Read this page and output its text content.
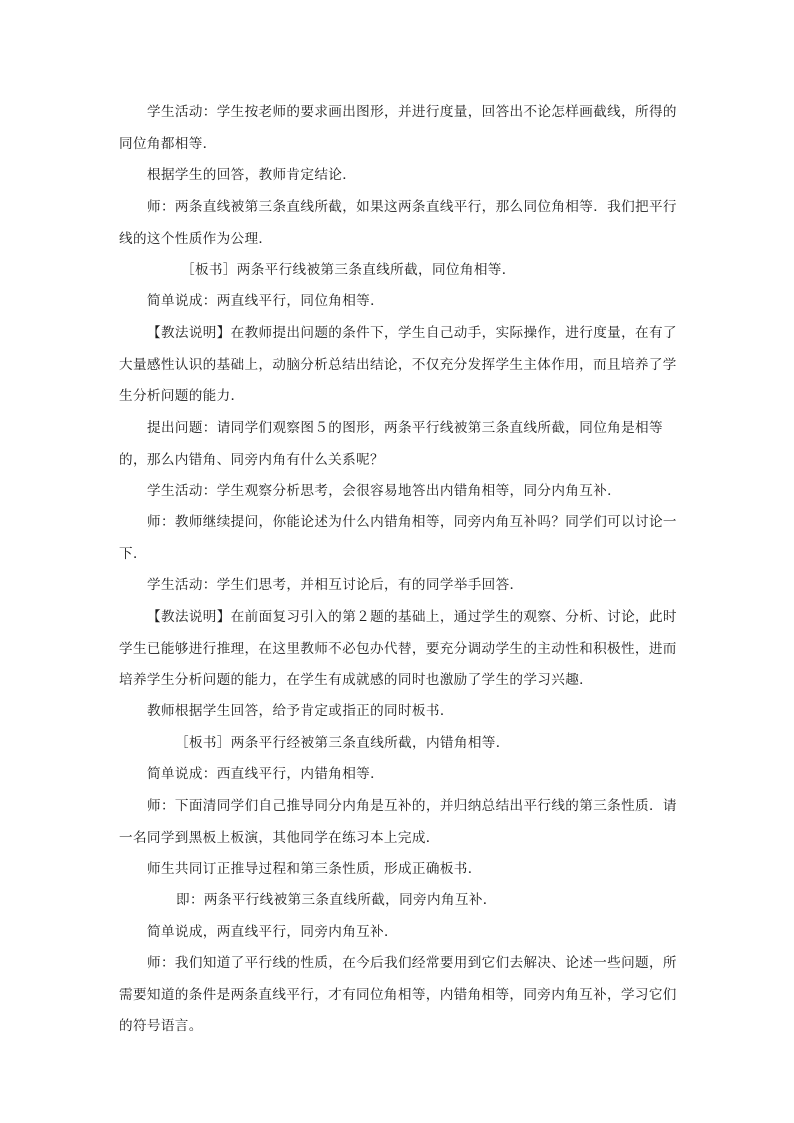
学生活动：学生按老师的要求画出图形，并进行度量，回答出不论怎样画截线，所得的同位角都相等．

根据学生的回答，教师肯定结论．

师：两条直线被第三条直线所截，如果这两条直线平行，那么同位角相等．我们把平行线的这个性质作为公理．

［板书］两条平行线被第三条直线所截，同位角相等．

简单说成：两直线平行，同位角相等．

【教法说明】在教师提出问题的条件下，学生自己动手，实际操作，进行度量，在有了大量感性认识的基础上，动脑分析总结出结论，不仅充分发挥学生主体作用，而且培养了学生分析问题的能力．

提出问题：请同学们观察图５的图形，两条平行线被第三条直线所截，同位角是相等的，那么内错角、同旁内角有什么关系呢？

学生活动：学生观察分析思考，会很容易地答出内错角相等，同分内角互补．

师：教师继续提问，你能论述为什么内错角相等，同旁内角互补吗？同学们可以讨论一下．

学生活动：学生们思考，并相互讨论后，有的同学举手回答．

【教法说明】在前面复习引入的第２题的基础上，通过学生的观察、分析、讨论，此时学生已能够进行推理，在这里教师不必包办代替，要充分调动学生的主动性和积极性，进而培养学生分析问题的能力，在学生有成就感的同时也激励了学生的学习兴趣．

教师根据学生回答，给予肯定或指正的同时板书．

［板书］两条平行经被第三条直线所截，内错角相等．

简单说成：西直线平行，内错角相等．

师：下面清同学们自己推导同分内角是互补的，并归纳总结出平行线的第三条性质．请一名同学到黑板上板演，其他同学在练习本上完成．

师生共同订正推导过程和第三条性质，形成正确板书．

即：两条平行线被第三条直线所截，同旁内角互补．

简单说成，两直线平行，同旁内角互补．

师：我们知道了平行线的性质，在今后我们经常要用到它们去解决、论述一些问题，所需要知道的条件是两条直线平行，才有同位角相等，内错角相等，同旁内角互补，学习它们的符号语言。
